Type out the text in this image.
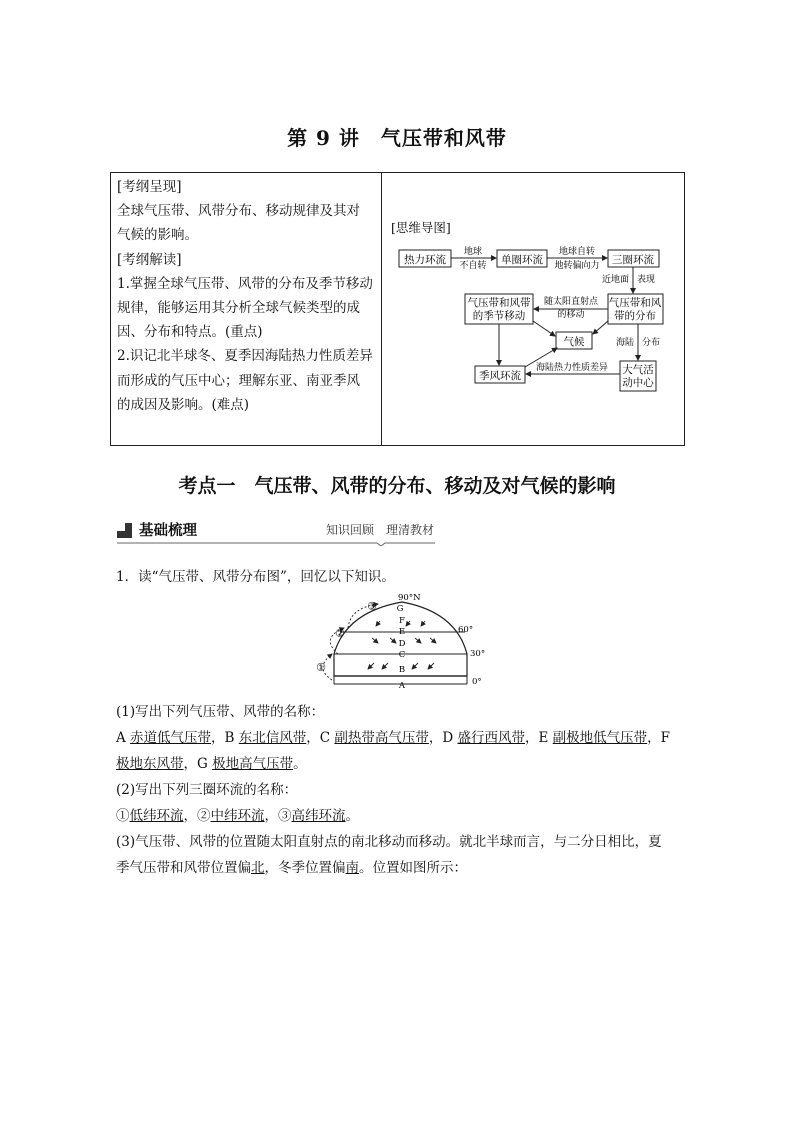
第 9 讲　气压带和风带
[考纲呈现]
全球气压带、风带分布、移动规律及其对
气候的影响。
[考纲解读]
1.掌握全球气压带、风带的分布及季节移动
规律，能够运用其分析全球气候类型的成
因、分布和特点。(重点)
2.识记北半球冬、夏季因海陆热力性质差异
而形成的气压中心；理解东亚、南亚季风
的成因及影响。(难点)

[思维导图]
热力环流	单圈环流	三圈环流
气压带和风带
的季节移动
气压带和风
带的分布
气候
季风环流	大气活
动中心
地球
不自转
地球自转
地转偏向力
近地面 表现
随太阳直射点
的移动
海陆 分布
海陆热力性质差异
考点一　气压带、风带的分布、移动及对气候的影响
基础梳理	知识回顾　理清教材
1．读“气压带、风带分布图”，回忆以下知识。
90°N
G
F
E
D
C
B
A
60°
30°
0°
①
②
③
(1)写出下列气压带、风带的名称：
A 赤道低气压带，B 东北信风带，C 副热带高气压带，D 盛行西风带，E 副极地低气压带，F
极地东风带，G 极地高气压带。
(2)写出下列三圈环流的名称：
①低纬环流，②中纬环流，③高纬环流。
(3)气压带、风带的位置随太阳直射点的南北移动而移动。就北半球而言，与二分日相比，夏
季气压带和风带位置偏北，冬季位置偏南。位置如图所示：
